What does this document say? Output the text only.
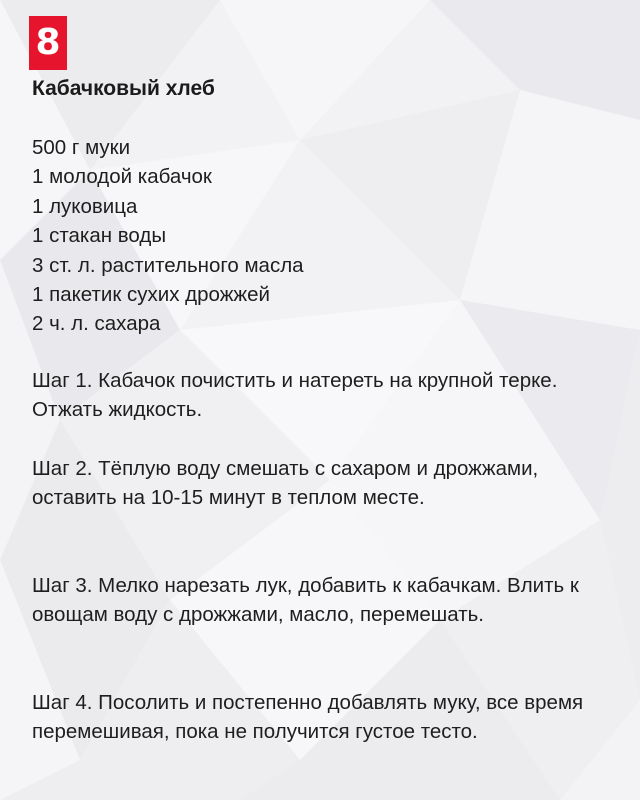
8
Кабачковый хлеб
500 г муки
1 молодой кабачок
1 луковица
1 стакан воды
3 ст. л. растительного масла
1 пакетик сухих дрожжей
2 ч. л. сахара
Шаг 1. Кабачок почистить и натереть на крупной терке. Отжать жидкость.
Шаг 2. Тёплую воду смешать с сахаром и дрожжами, оставить на 10-15 минут в теплом месте.
Шаг 3. Мелко нарезать лук, добавить к кабачкам. Влить к овощам воду с дрожжами, масло, перемешать.
Шаг 4. Посолить и постепенно добавлять муку, все время перемешивая, пока не получится густое тесто.
